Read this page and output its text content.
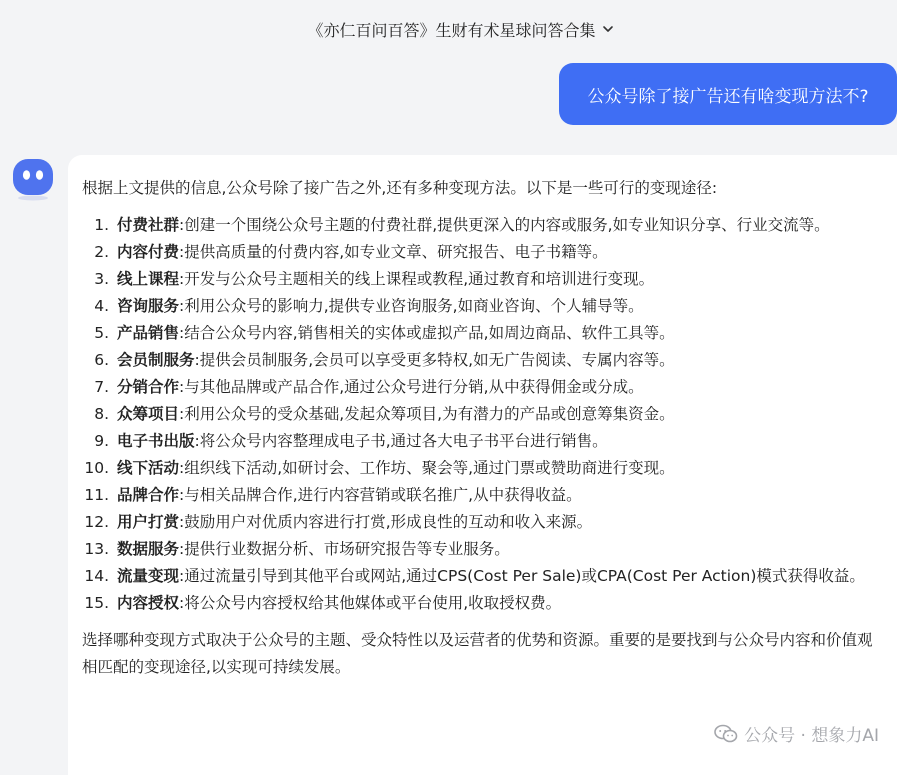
《亦仁百问百答》生财有术星球问答合集
公众号除了接广告还有啥变现方法不?

根据上文提供的信息,公众号除了接广告之外,还有多种变现方法。以下是一些可行的变现途径:

1. 付费社群:创建一个围绕公众号主题的付费社群,提供更深入的内容或服务,如专业知识分享、行业交流等。
2. 内容付费:提供高质量的付费内容,如专业文章、研究报告、电子书籍等。
3. 线上课程:开发与公众号主题相关的线上课程或教程,通过教育和培训进行变现。
4. 咨询服务:利用公众号的影响力,提供专业咨询服务,如商业咨询、个人辅导等。
5. 产品销售:结合公众号内容,销售相关的实体或虚拟产品,如周边商品、软件工具等。
6. 会员制服务:提供会员制服务,会员可以享受更多特权,如无广告阅读、专属内容等。
7. 分销合作:与其他品牌或产品合作,通过公众号进行分销,从中获得佣金或分成。
8. 众筹项目:利用公众号的受众基础,发起众筹项目,为有潜力的产品或创意筹集资金。
9. 电子书出版:将公众号内容整理成电子书,通过各大电子书平台进行销售。
10. 线下活动:组织线下活动,如研讨会、工作坊、聚会等,通过门票或赞助商进行变现。
11. 品牌合作:与相关品牌合作,进行内容营销或联名推广,从中获得收益。
12. 用户打赏:鼓励用户对优质内容进行打赏,形成良性的互动和收入来源。
13. 数据服务:提供行业数据分析、市场研究报告等专业服务。
14. 流量变现:通过流量引导到其他平台或网站,通过CPS(Cost Per Sale)或CPA(Cost Per Action)模式获得收益。
15. 内容授权:将公众号内容授权给其他媒体或平台使用,收取授权费。

选择哪种变现方式取决于公众号的主题、受众特性以及运营者的优势和资源。重要的是要找到与公众号内容和价值观相匹配的变现途径,以实现可持续发展。

公众号 · 想象力AI
